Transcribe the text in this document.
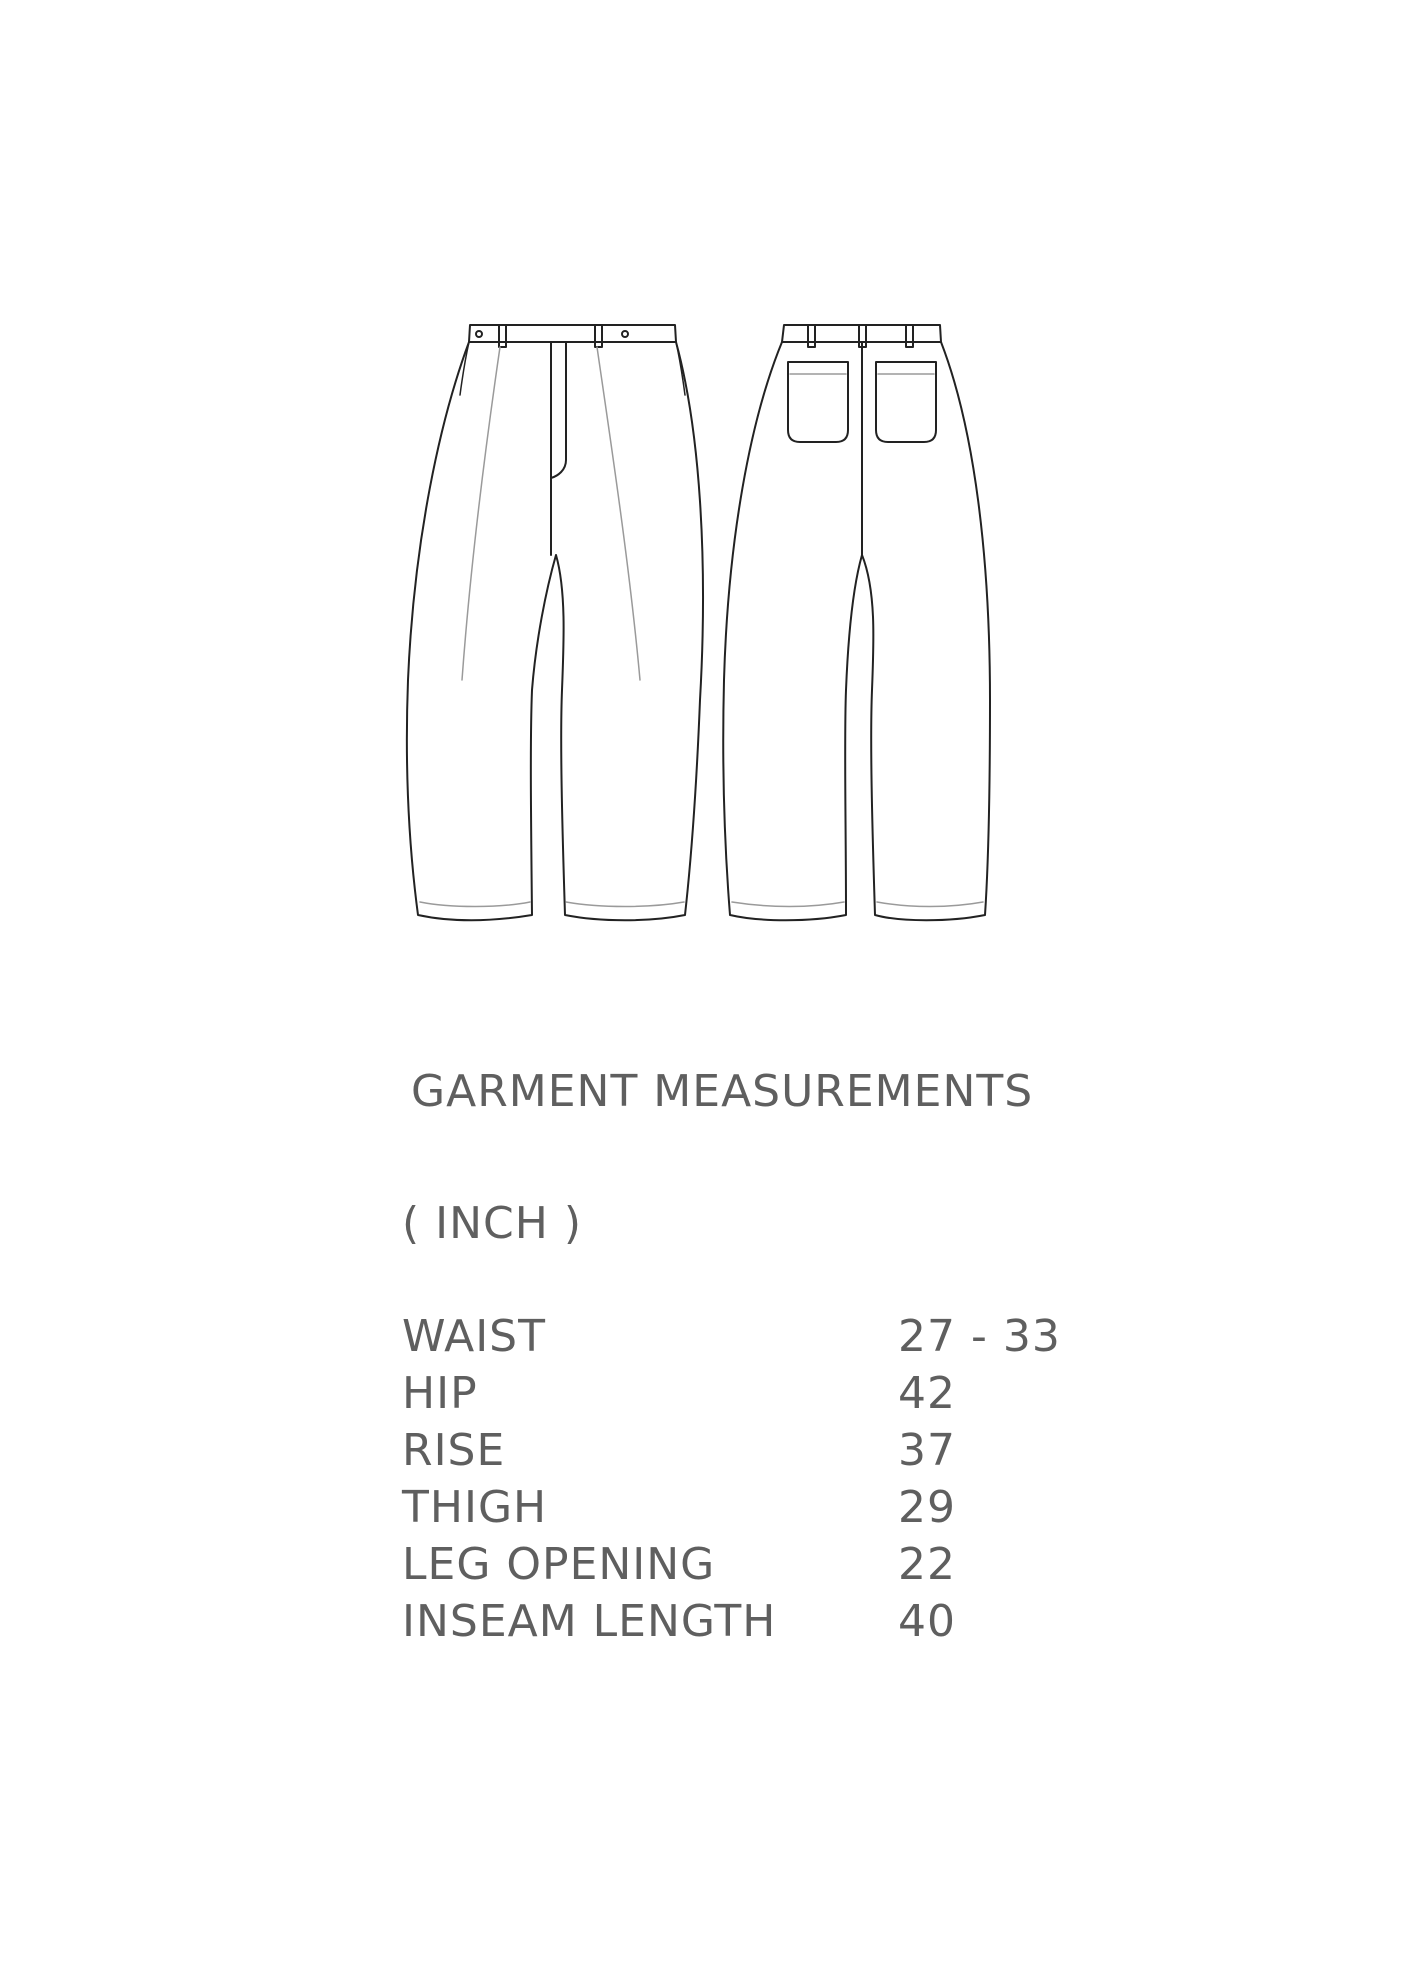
GARMENT MEASUREMENTS
( INCH )
WAIST	27 - 33
HIP	42
RISE	37
THIGH	29
LEG OPENING	22
INSEAM LENGTH	40
